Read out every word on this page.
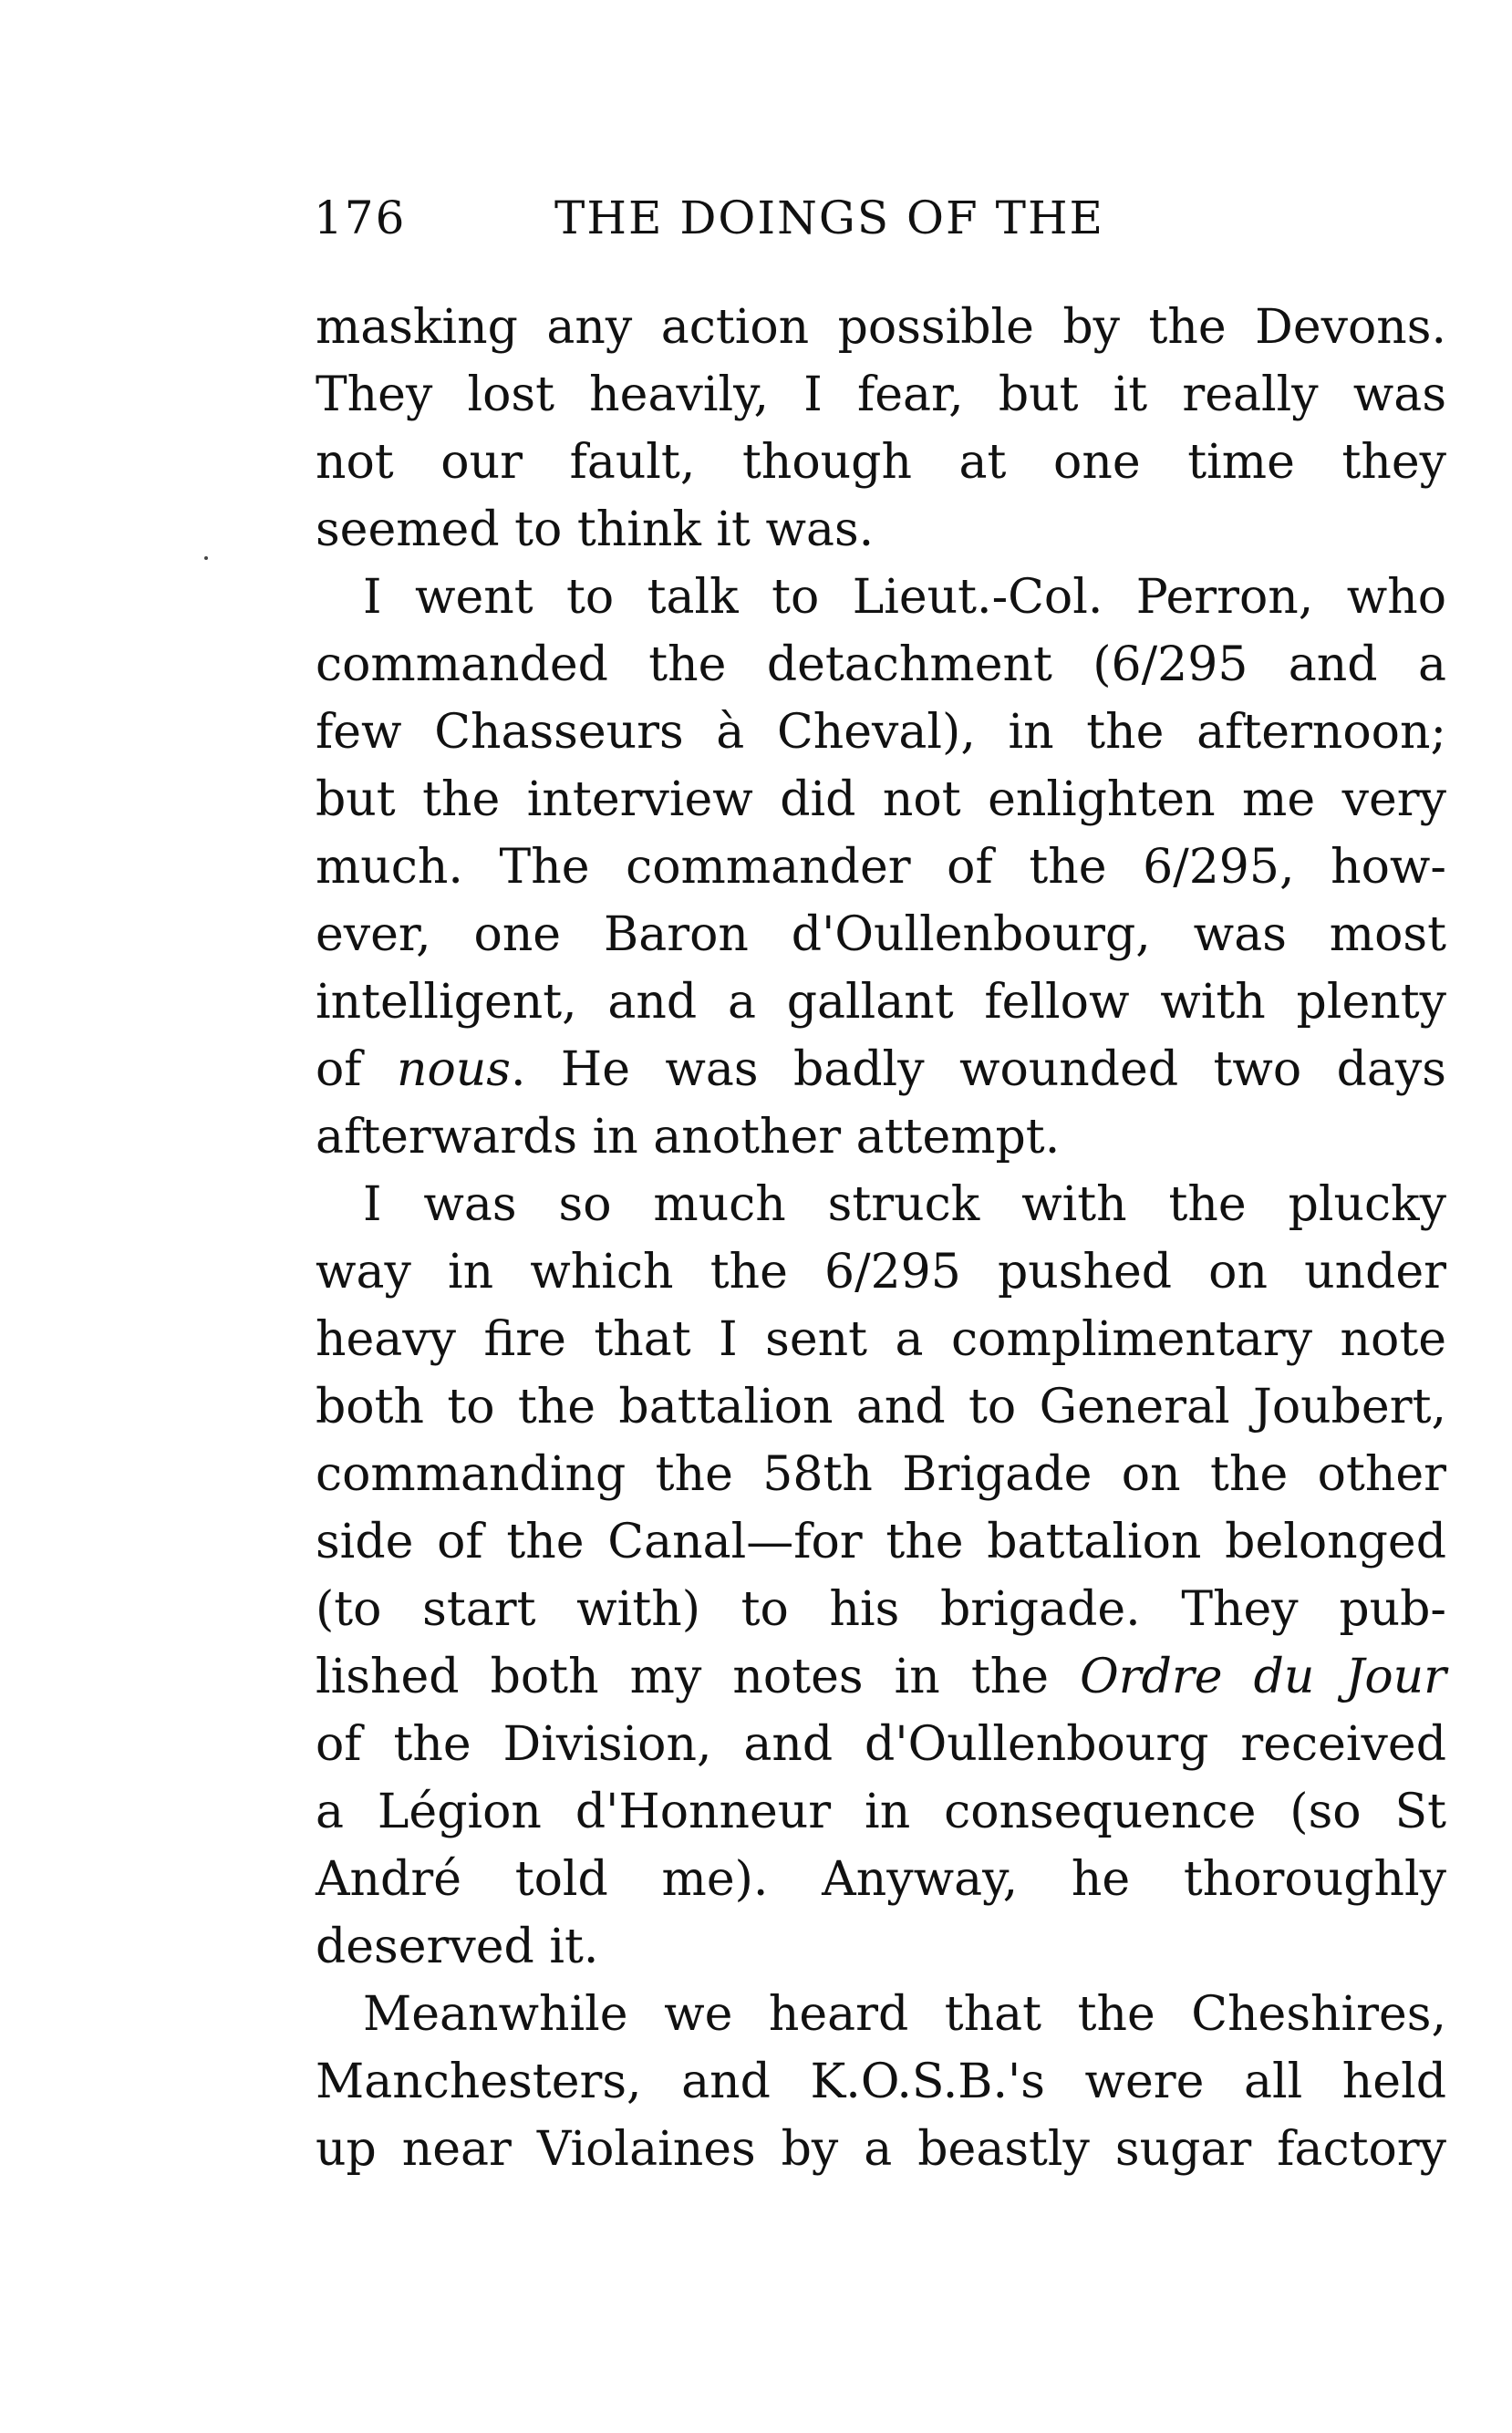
176	THE DOINGS OF THE

masking any action possible by the Devons.
They lost heavily, I fear, but it really was
not our fault, though at one time they
seemed to think it was.

I went to talk to Lieut.-Col. Perron, who
commanded the detachment (6/295 and a
few Chasseurs à Cheval), in the afternoon;
but the interview did not enlighten me very
much. The commander of the 6/295, how-
ever, one Baron d'Oullenbourg, was most
intelligent, and a gallant fellow with plenty
of nous. He was badly wounded two days
afterwards in another attempt.

I was so much struck with the plucky
way in which the 6/295 pushed on under
heavy fire that I sent a complimentary note
both to the battalion and to General Joubert,
commanding the 58th Brigade on the other
side of the Canal—for the battalion belonged
(to start with) to his brigade. They pub-
lished both my notes in the Ordre du Jour
of the Division, and d'Oullenbourg received
a Légion d'Honneur in consequence (so St
André told me). Anyway, he thoroughly
deserved it.

Meanwhile we heard that the Cheshires,
Manchesters, and K.O.S.B.'s were all held
up near Violaines by a beastly sugar factory
